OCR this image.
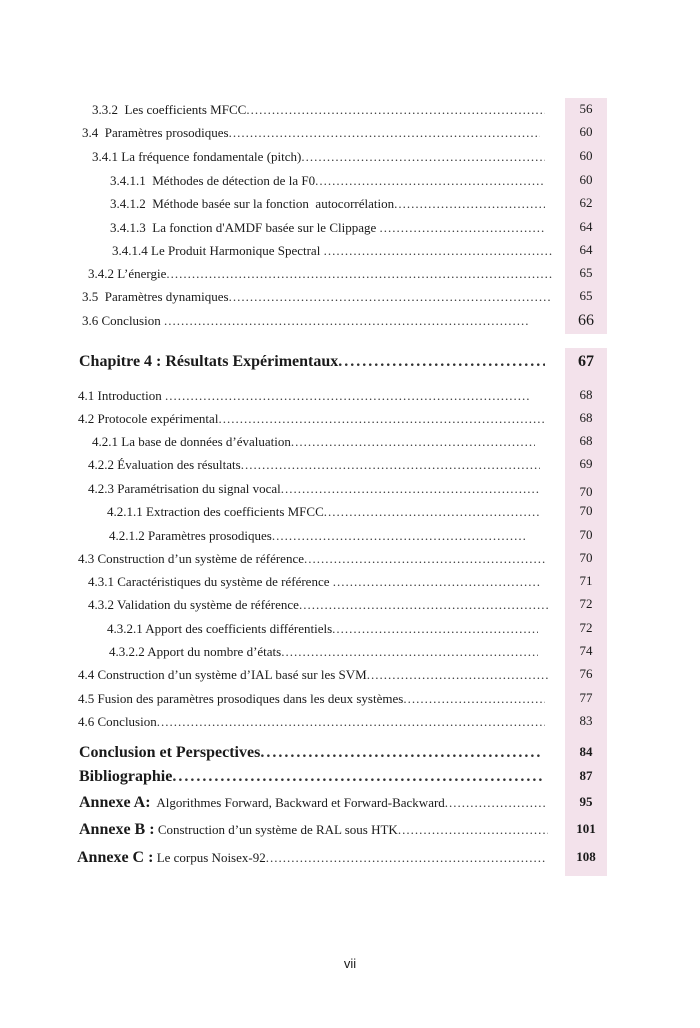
3.3.2  Les coefficients MFCC .....	56
3.4  Paramètres prosodiques .....	60
3.4.1 La fréquence fondamentale (pitch) .....	60
3.4.1.1  Méthodes de détection de la F0 .....	60
3.4.1.2  Méthode basée sur la fonction  autocorrélation .....	62
3.4.1.3  La fonction d'AMDF basée sur le Clippage .....	64
3.4.1.4 Le Produit Harmonique Spectral .....	64
3.4.2 L’énergie .....	65
3.5  Paramètres dynamiques .....	65
3.6 Conclusion .....	66
Chapitre 4 : Résultats Expérimentaux .....	67
4.1 Introduction .....	68
4.2 Protocole expérimental .....	68
4.2.1 La base de données d’évaluation .....	68
4.2.2 Évaluation des résultats .....	69
4.2.3 Paramétrisation du signal vocal .....	70
4.2.1.1 Extraction des coefficients MFCC .....	70
4.2.1.2 Paramètres prosodiques .....	70
4.3 Construction d’un système de référence .....	70
4.3.1 Caractéristiques du système de référence .....	71
4.3.2 Validation du système de référence .....	72
4.3.2.1 Apport des coefficients différentiels .....	72
4.3.2.2 Apport du nombre d’états .....	74
4.4 Construction d’un système d’IAL basé sur les SVM .....	76
4.5 Fusion des paramètres prosodiques dans les deux systèmes .....	77
4.6 Conclusion .....	83
Conclusion et Perspectives .....	84
Bibliographie .....	87
Annexe A: Algorithmes Forward, Backward et Forward-Backward .....	95
Annexe B : Construction d’un système de RAL sous HTK .....	101
Annexe C : Le corpus Noisex-92 .....	108
vii
